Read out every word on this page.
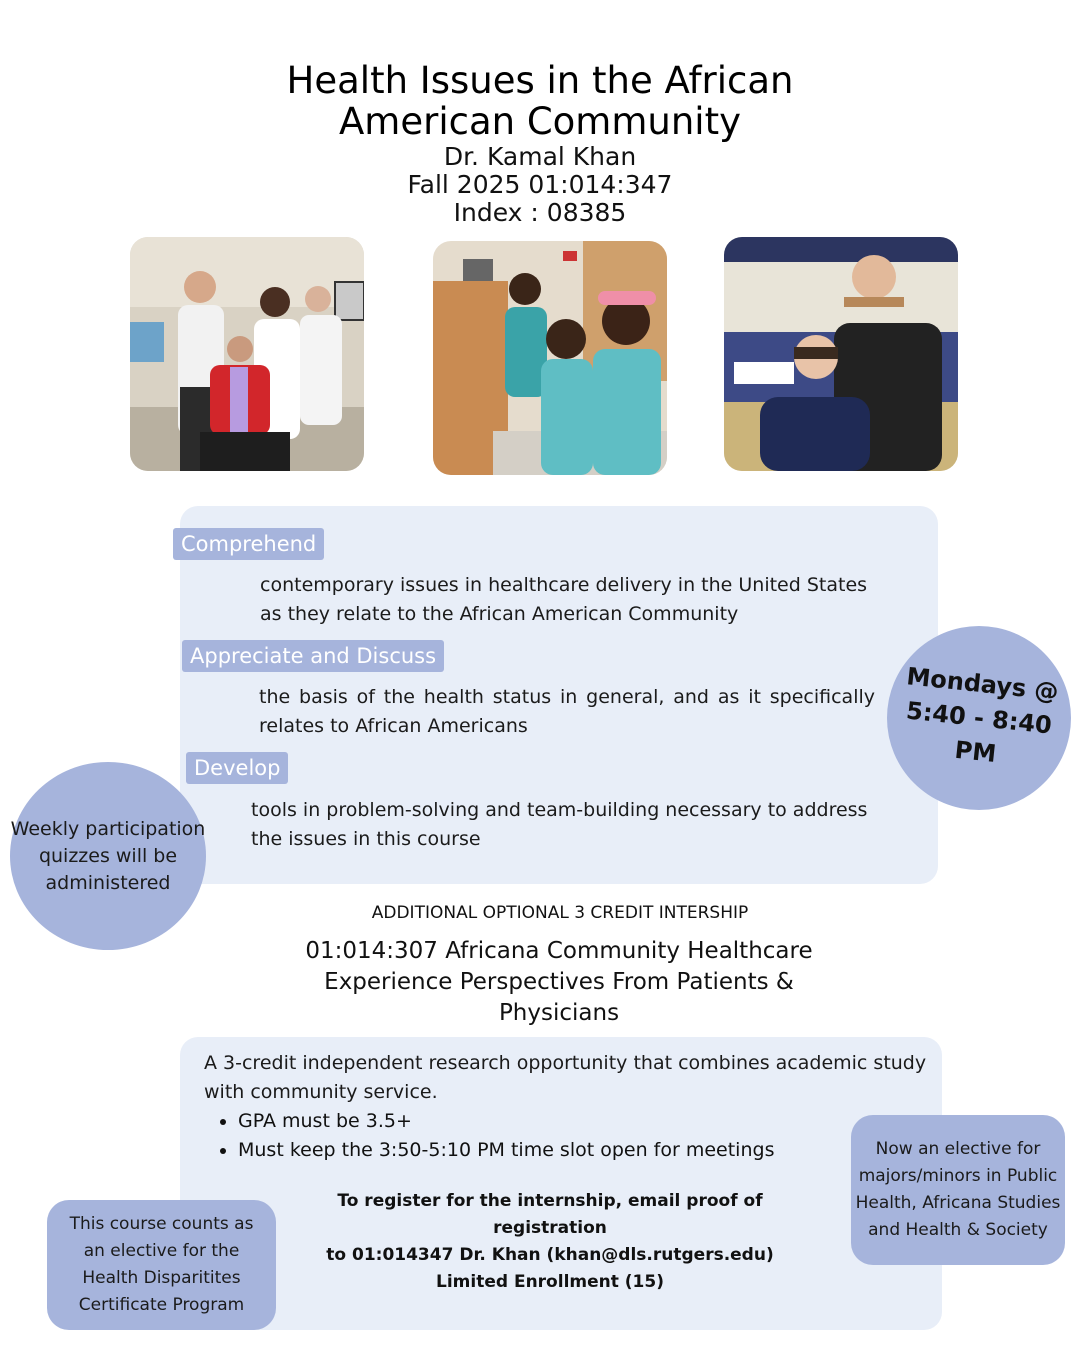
Health Issues in the African
American Community
Dr. Kamal Khan
Fall 2025 01:014:347
Index : 08385
Comprehend
contemporary issues in healthcare delivery in the United States
as they relate to the African American Community
Appreciate and Discuss
the basis of the health status in general, and as it specifically
relates to African Americans
Develop
tools in problem-solving and team-building necessary to address
the issues in this course
Mondays @
5:40 - 8:40 PM
Weekly participation
quizzes will be
administered
ADDITIONAL OPTIONAL 3 CREDIT INTERSHIP
01:014:307 Africana Community Healthcare
Experience Perspectives From Patients &
Physicians
A 3-credit independent research opportunity that combines academic study
with community service.
• GPA must be 3.5+
• Must keep the 3:50-5:10 PM time slot open for meetings
To register for the internship, email proof of registration
to 01:014347 Dr. Khan (khan@dls.rutgers.edu)
Limited Enrollment (15)
Now an elective for
majors/minors in Public
Health, Africana Studies
and Health & Society
This course counts as
an elective for the
Health Disparitites
Certificate Program
